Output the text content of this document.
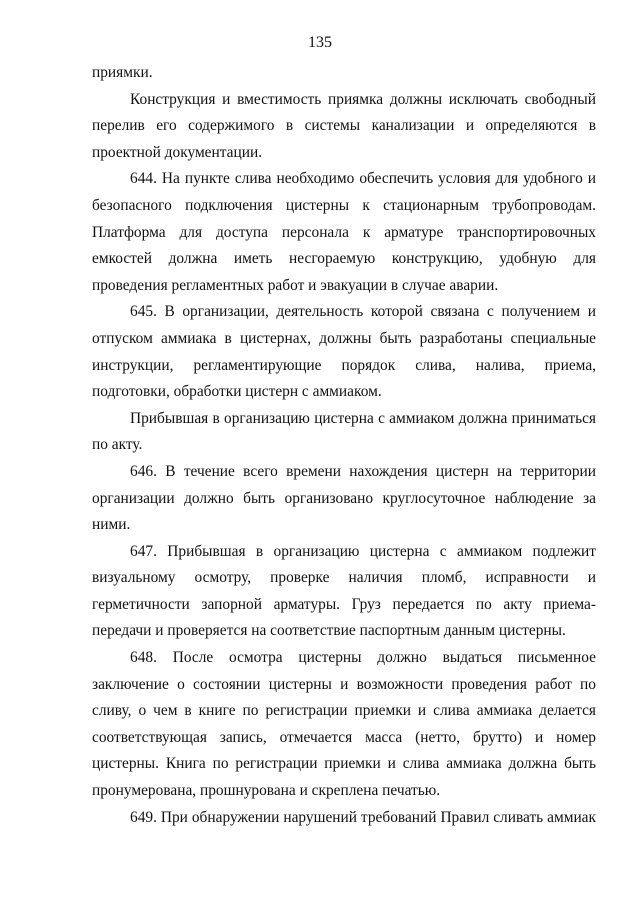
135

приямки.

Конструкция и вместимость приямка должны исключать свободный перелив его содержимого в системы канализации и определяются в проектной документации.

644. На пункте слива необходимо обеспечить условия для удобного и безопасного подключения цистерны к стационарным трубопроводам. Платформа для доступа персонала к арматуре транспортировочных емкостей должна иметь несгораемую конструкцию, удобную для проведения регламентных работ и эвакуации в случае аварии.

645. В организации, деятельность которой связана с получением и отпуском аммиака в цистернах, должны быть разработаны специальные инструкции, регламентирующие порядок слива, налива, приема, подготовки, обработки цистерн с аммиаком.

Прибывшая в организацию цистерна с аммиаком должна приниматься по акту.

646. В течение всего времени нахождения цистерн на территории организации должно быть организовано круглосуточное наблюдение за ними.

647. Прибывшая в организацию цистерна с аммиаком подлежит визуальному осмотру, проверке наличия пломб, исправности и герметичности запорной арматуры. Груз передается по акту приема-передачи и проверяется на соответствие паспортным данным цистерны.

648. После осмотра цистерны должно выдаться письменное заключение о состоянии цистерны и возможности проведения работ по сливу, о чем в книге по регистрации приемки и слива аммиака делается соответствующая запись, отмечается масса (нетто, брутто) и номер цистерны. Книга по регистрации приемки и слива аммиака должна быть пронумерована, прошнурована и скреплена печатью.

649. При обнаружении нарушений требований Правил сливать аммиак
